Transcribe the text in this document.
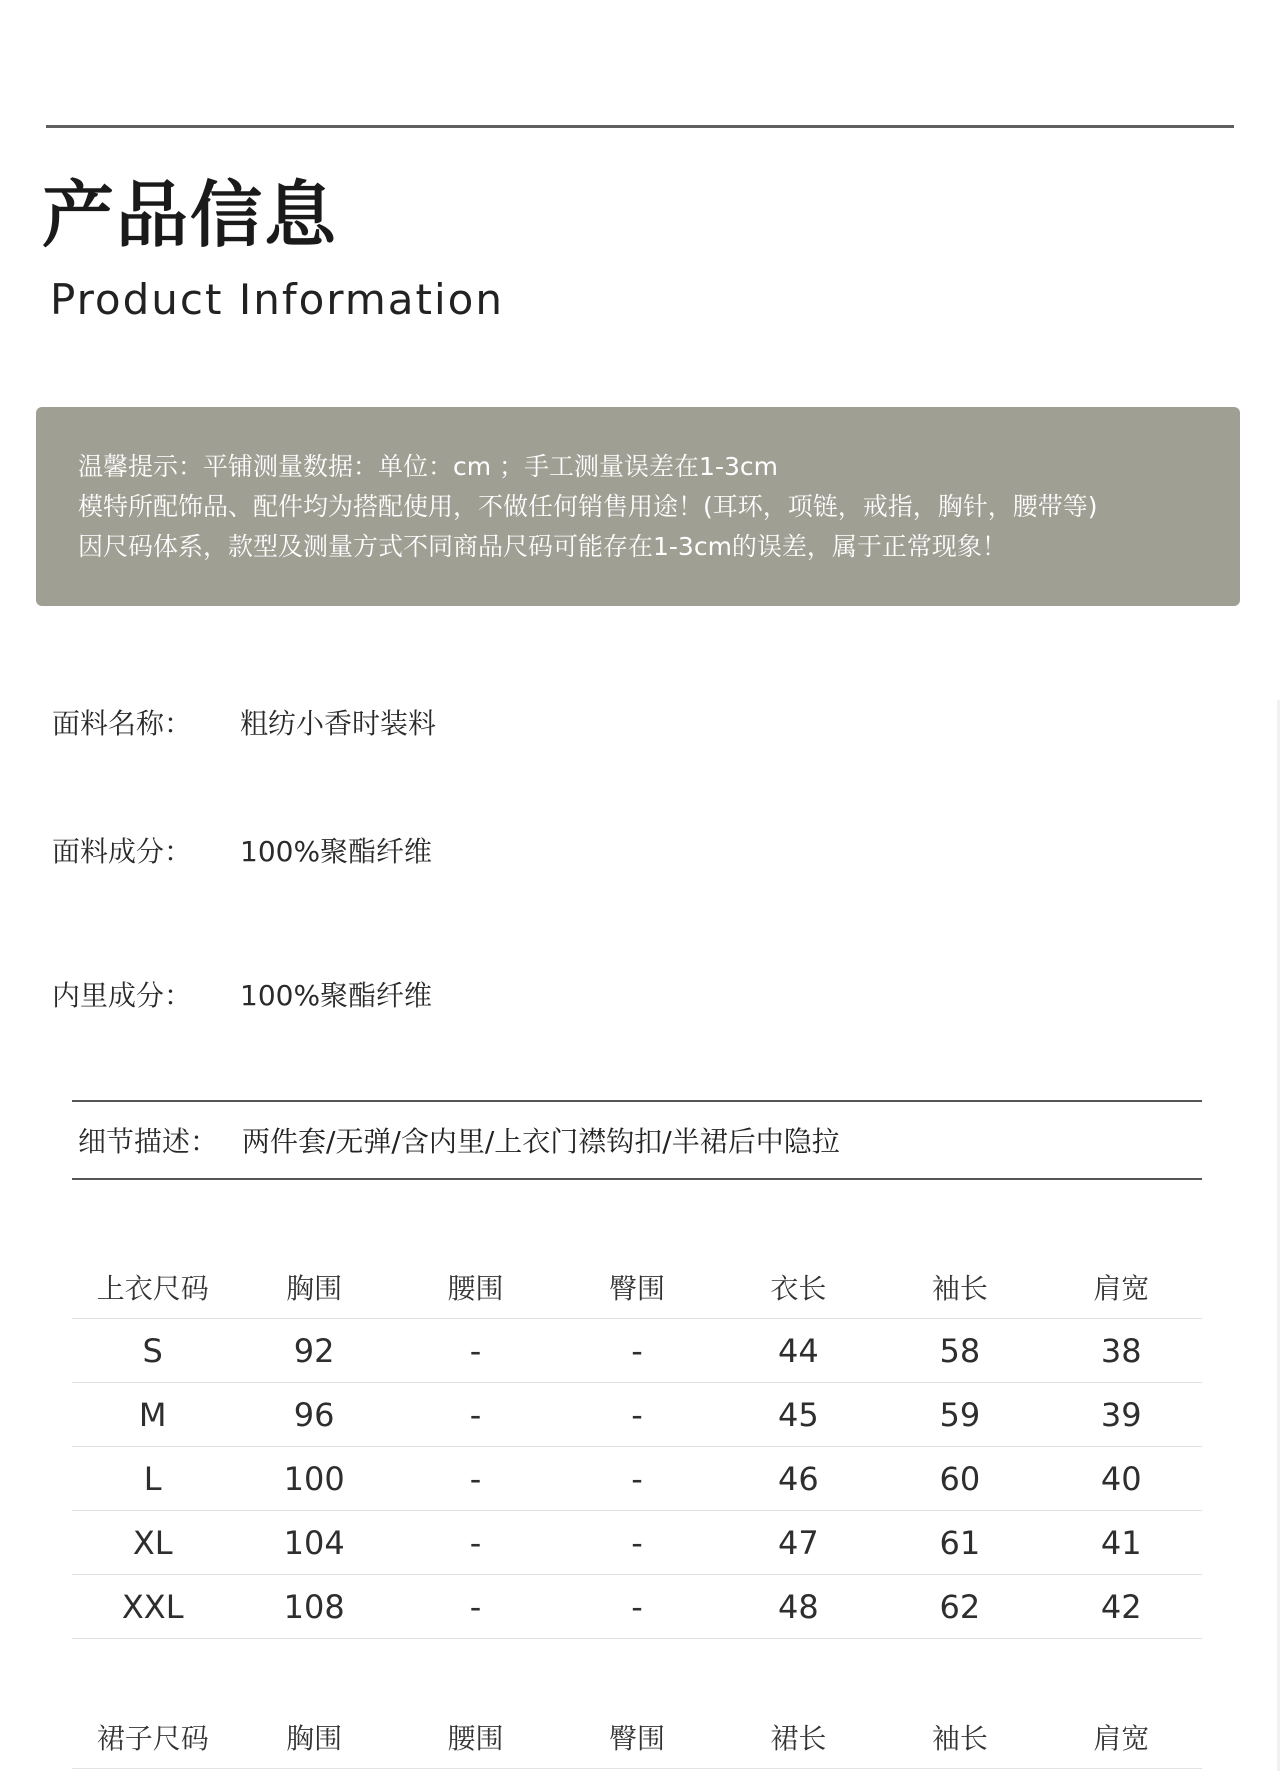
产品信息
Product Information
温馨提示：平铺测量数据：单位：cm ；手工测量误差在1-3cm
模特所配饰品、配件均为搭配使用，不做任何销售用途！(耳环，项链，戒指，胸针，腰带等)
因尺码体系，款型及测量方式不同商品尺码可能存在1-3cm的误差，属于正常现象！
面料名称： 粗纺小香时装料
面料成分： 100%聚酯纤维
内里成分： 100%聚酯纤维
细节描述： 两件套/无弹/含内里/上衣门襟钩扣/半裙后中隐拉
上衣尺码	胸围	腰围	臀围	衣长	袖长	肩宽
S	92	-	-	44	58	38
M	96	-	-	45	59	39
L	100	-	-	46	60	40
XL	104	-	-	47	61	41
XXL	108	-	-	48	62	42
裙子尺码	胸围	腰围	臀围	裙长	袖长	肩宽
